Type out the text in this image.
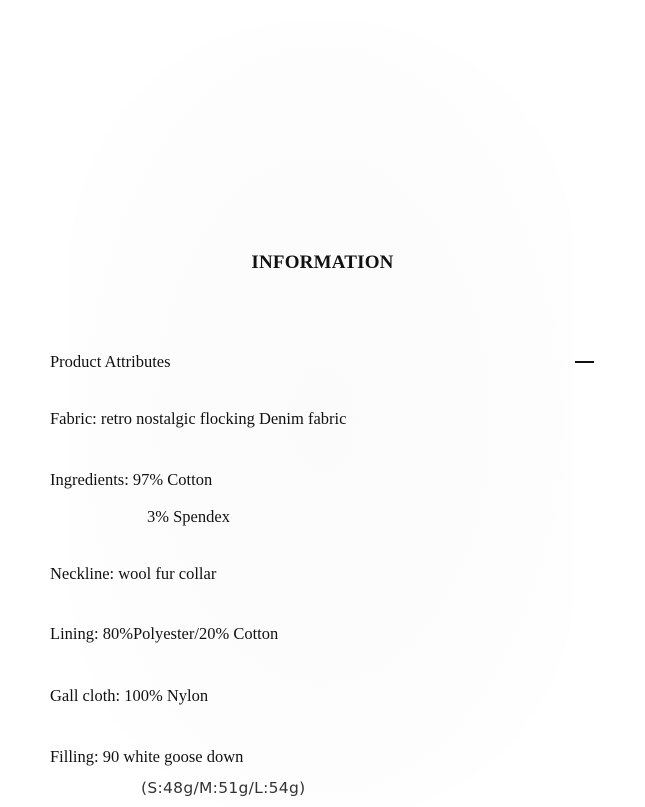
INFORMATION
Product Attributes
Fabric: retro nostalgic flocking Denim fabric
Ingredients: 97% Cotton
3% Spendex
Neckline: wool fur collar
Lining: 80%Polyester/20% Cotton
Gall cloth: 100% Nylon
Filling: 90 white goose down
(S:48g/M:51g/L:54g)
